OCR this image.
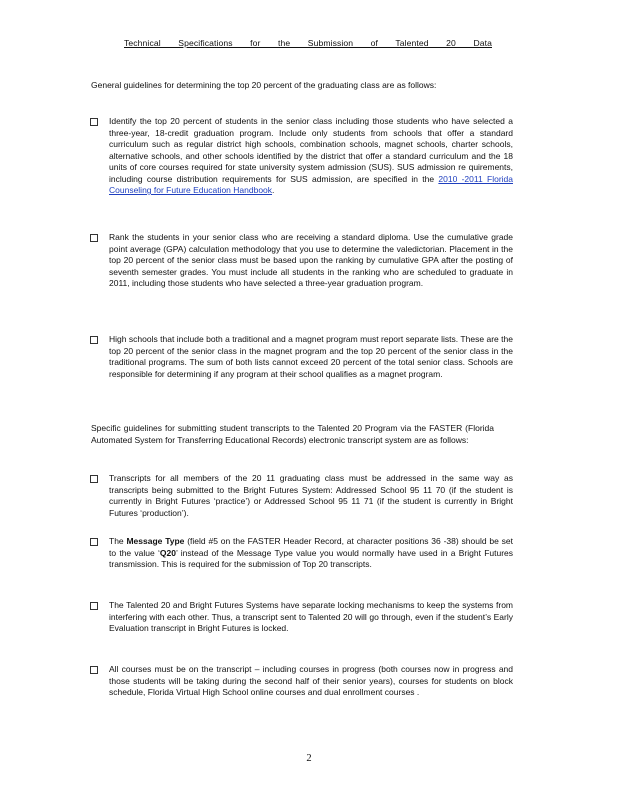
Technical Specifications for the Submission of Talented 20 Data
General guidelines for determining the top 20 percent of the graduating class are as follows:
Identify the top 20 percent of students in the senior class including those students who have selected a three-year, 18-credit graduation program. Include only students from schools that offer a standard curriculum such as regular district high schools, combination schools, magnet schools, charter schools, alternative schools, and other schools identified by the district that offer a standard curriculum and the 18 units of core courses required for state university system admission (SUS). SUS admission re quirements, including course distribution requirements for SUS admission, are specified in the 2010 -2011 Florida Counseling for Future Education Handbook.
Rank the students in your senior class who are receiving a standard diploma. Use the cumulative grade point average (GPA) calculation methodology that you use to determine the valedictorian. Placement in the top 20 percent of the senior class must be based upon the ranking by cumulative GPA after the posting of seventh semester grades. You must include all students in the ranking who are scheduled to graduate in 2011, including those students who have selected a three-year graduation program.
High schools that include both a traditional and a magnet program must report separate lists. These are the top 20 percent of the senior class in the magnet program and the top 20 percent of the senior class in the traditional programs. The sum of both lists cannot exceed 20 percent of the total senior class. Schools are responsible for determining if any program at their school qualifies as a magnet program.
Specific guidelines for submitting student transcripts to the Talented 20 Program via the FASTER (Florida Automated System for Transferring Educational Records) electronic transcript system are as follows:
Transcripts for all members of the 20 11 graduating class must be addressed in the same way as transcripts being submitted to the Bright Futures System: Addressed School 95 11 70 (if the student is currently in Bright Futures ‘practice’) or Addressed School 95 11 71 (if the student is currently in Bright Futures ‘production’).
The Message Type (field #5 on the FASTER Header Record, at character positions 36 -38) should be set to the value ‘Q20’ instead of the Message Type value you would normally have used in a Bright Futures transmission. This is required for the submission of Top 20 transcripts.
The Talented 20 and Bright Futures Systems have separate locking mechanisms to keep the systems from interfering with each other. Thus, a transcript sent to Talented 20 will go through, even if the student’s Early Evaluation transcript in Bright Futures is locked.
All courses must be on the transcript – including courses in progress (both courses now in progress and those students will be taking during the second half of their senior years), courses for students on block schedule, Florida Virtual High School online courses and dual enrollment courses .
2
